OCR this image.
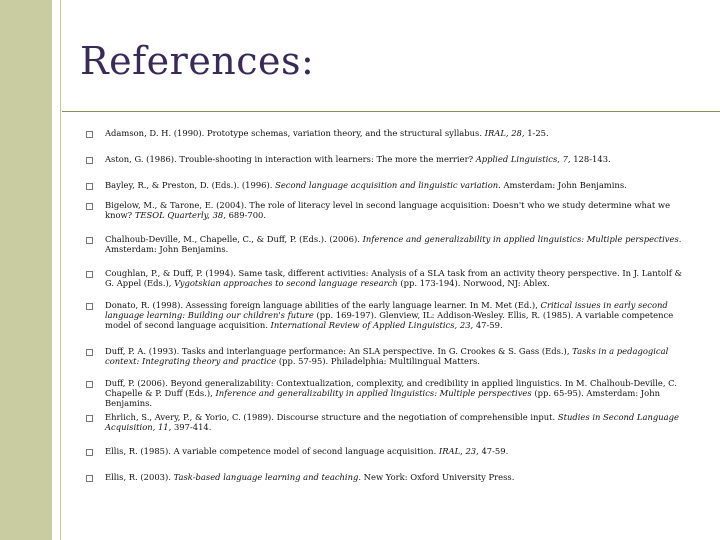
References:
Adamson, D. H. (1990). Prototype schemas, variation theory, and the structural syllabus. IRAL, 28, 1-25.
Aston, G. (1986). Trouble-shooting in interaction with learners: The more the merrier? Applied Linguistics, 7, 128-143.
Bayley, R., & Preston, D. (Eds.). (1996). Second language acquisition and linguistic variation. Amsterdam: John Benjamins.
Bigelow, M., & Tarone, E. (2004). The role of literacy level in second language acquisition: Doesn't who we study determine what we know? TESOL Quarterly, 38, 689-700.
Chalhoub-Deville, M., Chapelle, C., & Duff, P. (Eds.). (2006). Inference and generalizability in applied linguistics: Multiple perspectives. Amsterdam: John Benjamins.
Coughlan, P., & Duff, P. (1994). Same task, different activities: Analysis of a SLA task from an activity theory perspective. In J. Lantolf & G. Appel (Eds.), Vygotskian approaches to second language research (pp. 173-194). Norwood, NJ: Ablex.
Donato, R. (1998). Assessing foreign language abilities of the early language learner. In M. Met (Ed.), Critical issues in early second language learning: Building our children's future (pp. 169-197). Glenview, IL: Addison-Wesley. Ellis, R. (1985). A variable competence model of second language acquisition. International Review of Applied Linguistics, 23, 47-59.
Duff, P. A. (1993). Tasks and interlanguage performance: An SLA perspective. In G. Crookes & S. Gass (Eds.), Tasks in a pedagogical context: Integrating theory and practice (pp. 57-95). Philadelphia: Multilingual Matters.
Duff, P. (2006). Beyond generalizability: Contextualization, complexity, and credibility in applied linguistics. In M. Chalhoub-Deville, C. Chapelle & P. Duff (Eds.), Inference and generalizability in applied linguistics: Multiple perspectives (pp. 65-95). Amsterdam: John Benjamins.
Ehrlich, S., Avery, P., & Yorio, C. (1989). Discourse structure and the negotiation of comprehensible input. Studies in Second Language Acquisition, 11, 397-414.
Ellis, R. (1985). A variable competence model of second language acquisition. IRAL, 23, 47-59.
Ellis, R. (2003). Task-based language learning and teaching. New York: Oxford University Press.
